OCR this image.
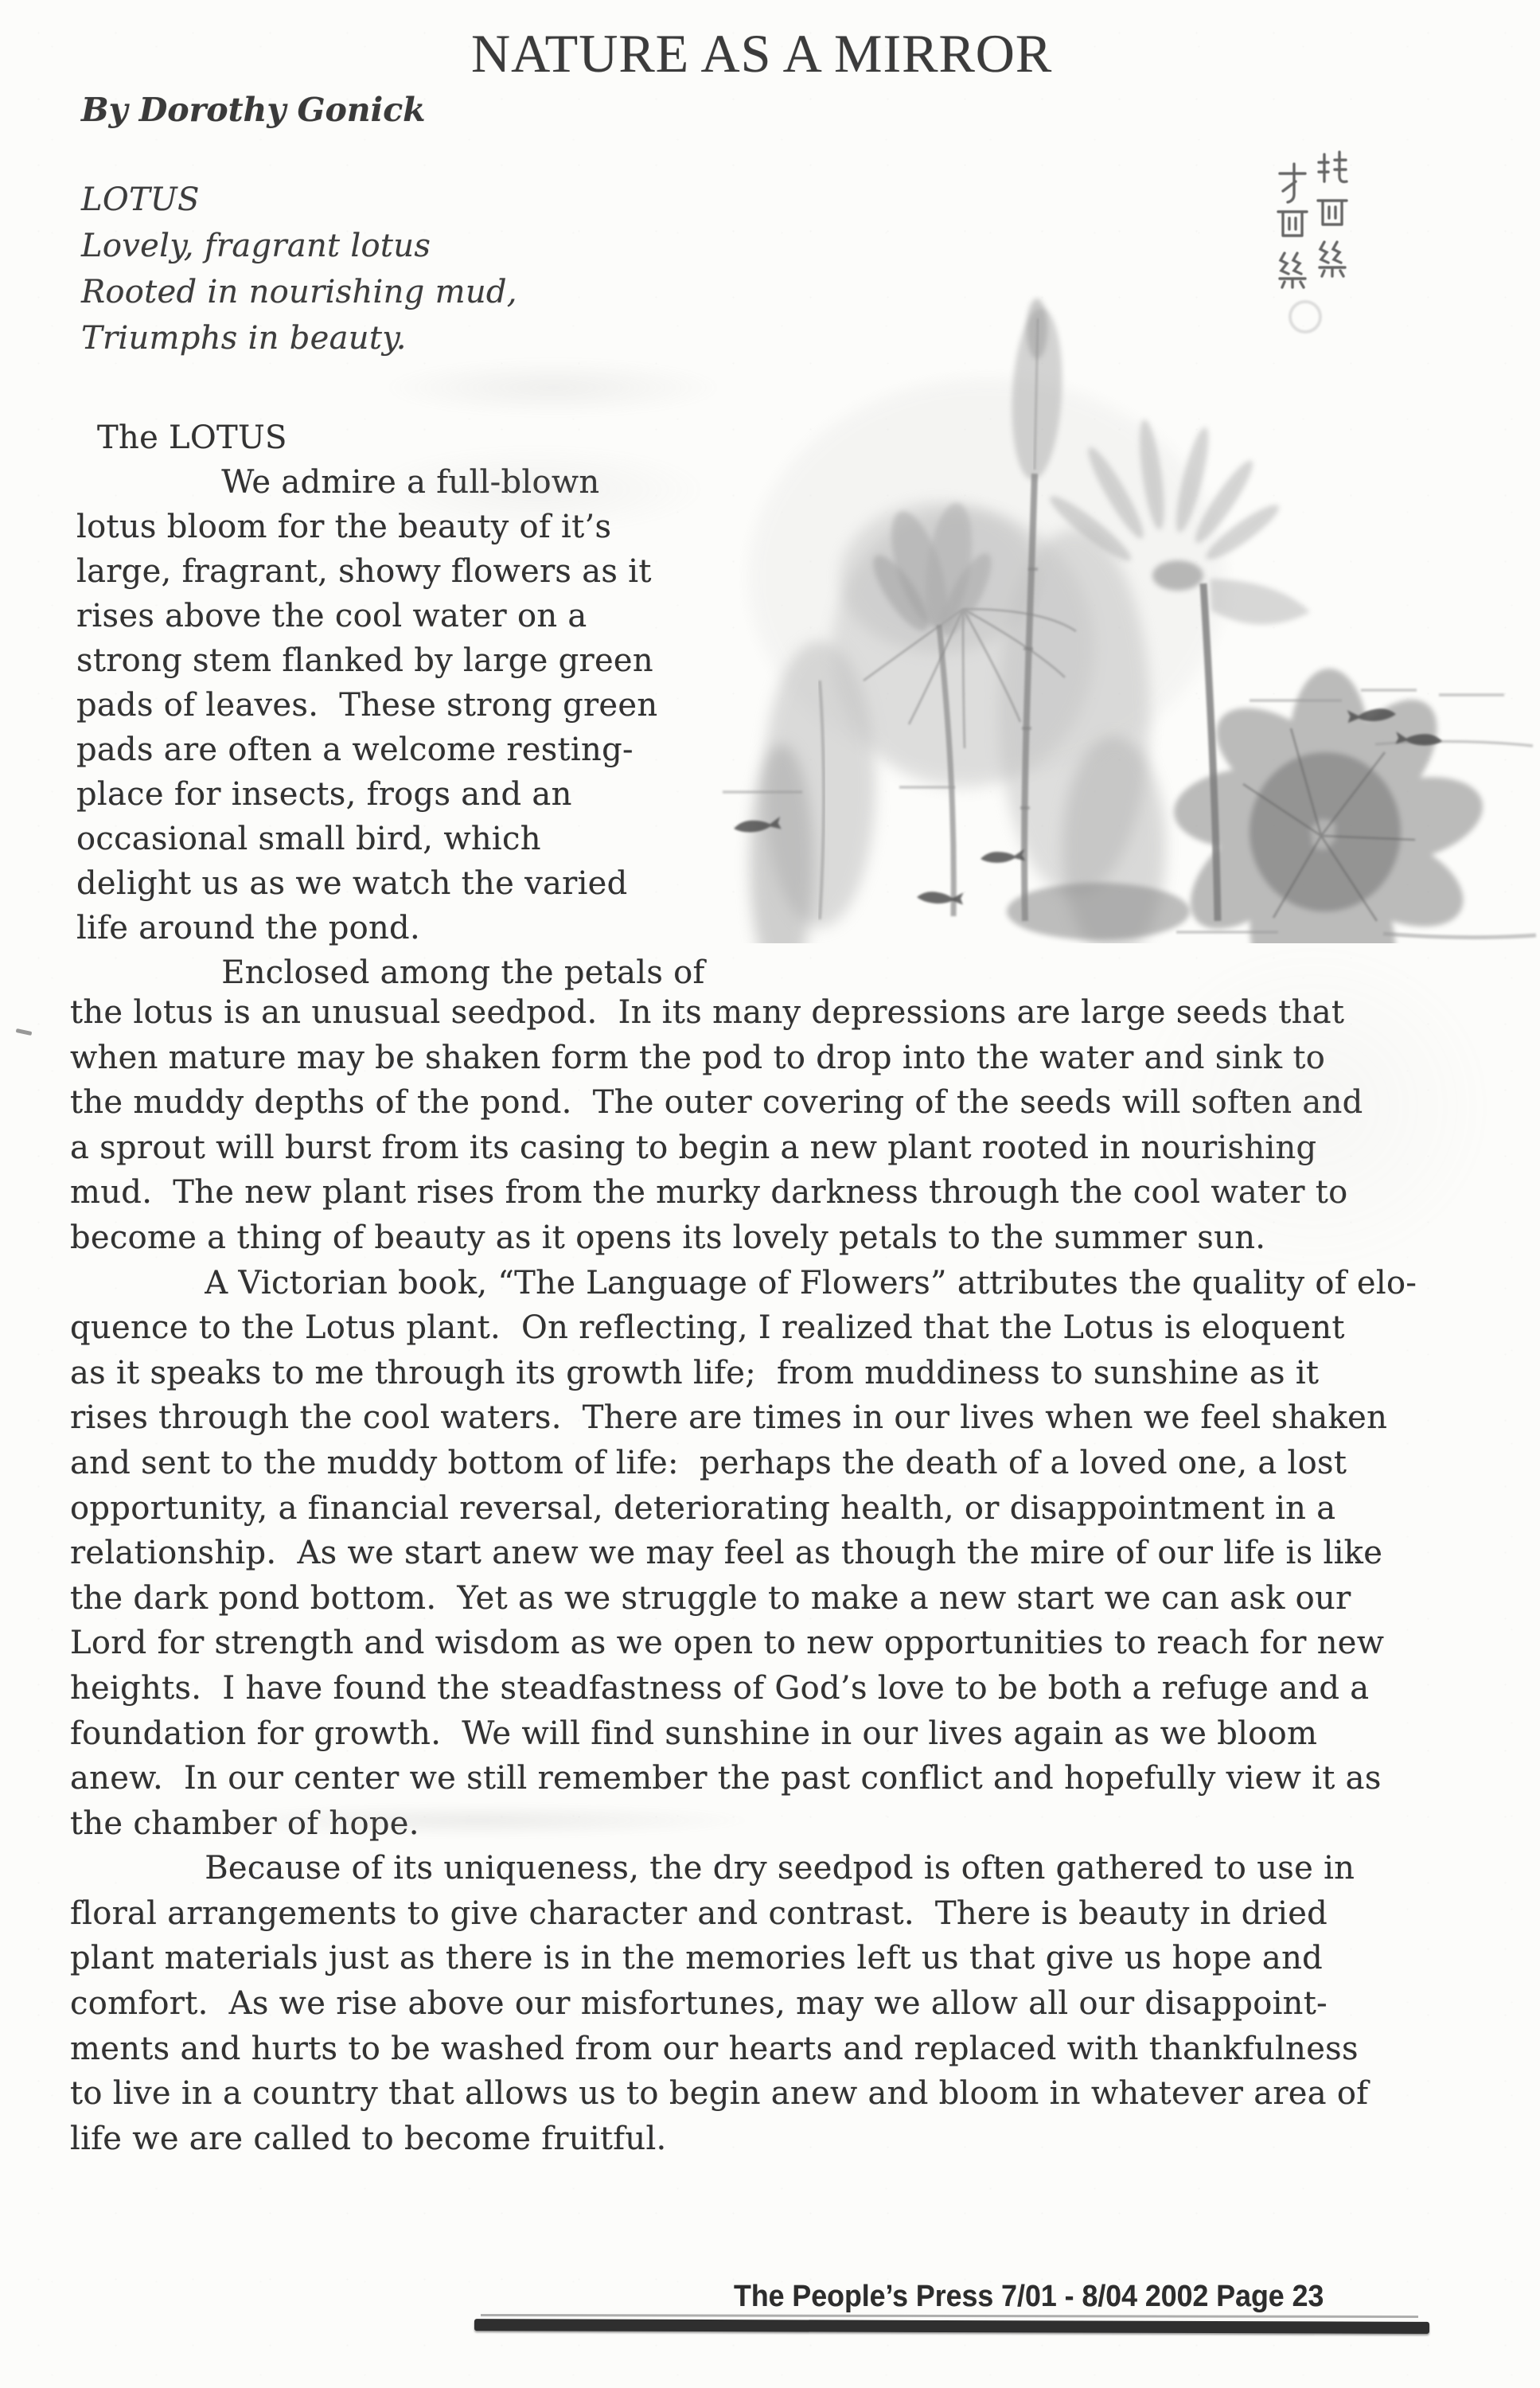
NATURE AS A MIRROR
By Dorothy Gonick
LOTUS
Lovely, fragrant lotus
Rooted in nourishing mud,
Triumphs in beauty.
The LOTUS
We admire a full-blown
lotus bloom for the beauty of it’s
large, fragrant, showy flowers as it
rises above the cool water on a
strong stem flanked by large green
pads of leaves.  These strong green
pads are often a welcome resting-
place for insects, frogs and an
occasional small bird, which
delight us as we watch the varied
life around the pond.
Enclosed among the petals of
the lotus is an unusual seedpod.  In its many depressions are large seeds that
when mature may be shaken form the pod to drop into the water and sink to
the muddy depths of the pond.  The outer covering of the seeds will soften and
a sprout will burst from its casing to begin a new plant rooted in nourishing
mud.  The new plant rises from the murky darkness through the cool water to
become a thing of beauty as it opens its lovely petals to the summer sun.
A Victorian book, “The Language of Flowers” attributes the quality of elo-
quence to the Lotus plant.  On reflecting, I realized that the Lotus is eloquent
as it speaks to me through its growth life;  from muddiness to sunshine as it
rises through the cool waters.  There are times in our lives when we feel shaken
and sent to the muddy bottom of life:  perhaps the death of a loved one, a lost
opportunity, a financial reversal, deteriorating health, or disappointment in a
relationship.  As we start anew we may feel as though the mire of our life is like
the dark pond bottom.  Yet as we struggle to make a new start we can ask our
Lord for strength and wisdom as we open to new opportunities to reach for new
heights.  I have found the steadfastness of God’s love to be both a refuge and a
foundation for growth.  We will find sunshine in our lives again as we bloom
anew.  In our center we still remember the past conflict and hopefully view it as
the chamber of hope.
Because of its uniqueness, the dry seedpod is often gathered to use in
floral arrangements to give character and contrast.  There is beauty in dried
plant materials just as there is in the memories left us that give us hope and
comfort.  As we rise above our misfortunes, may we allow all our disappoint-
ments and hurts to be washed from our hearts and replaced with thankfulness
to live in a country that allows us to begin anew and bloom in whatever area of
life we are called to become fruitful.
The People’s Press 7/01 - 8/04 2002 Page 23
